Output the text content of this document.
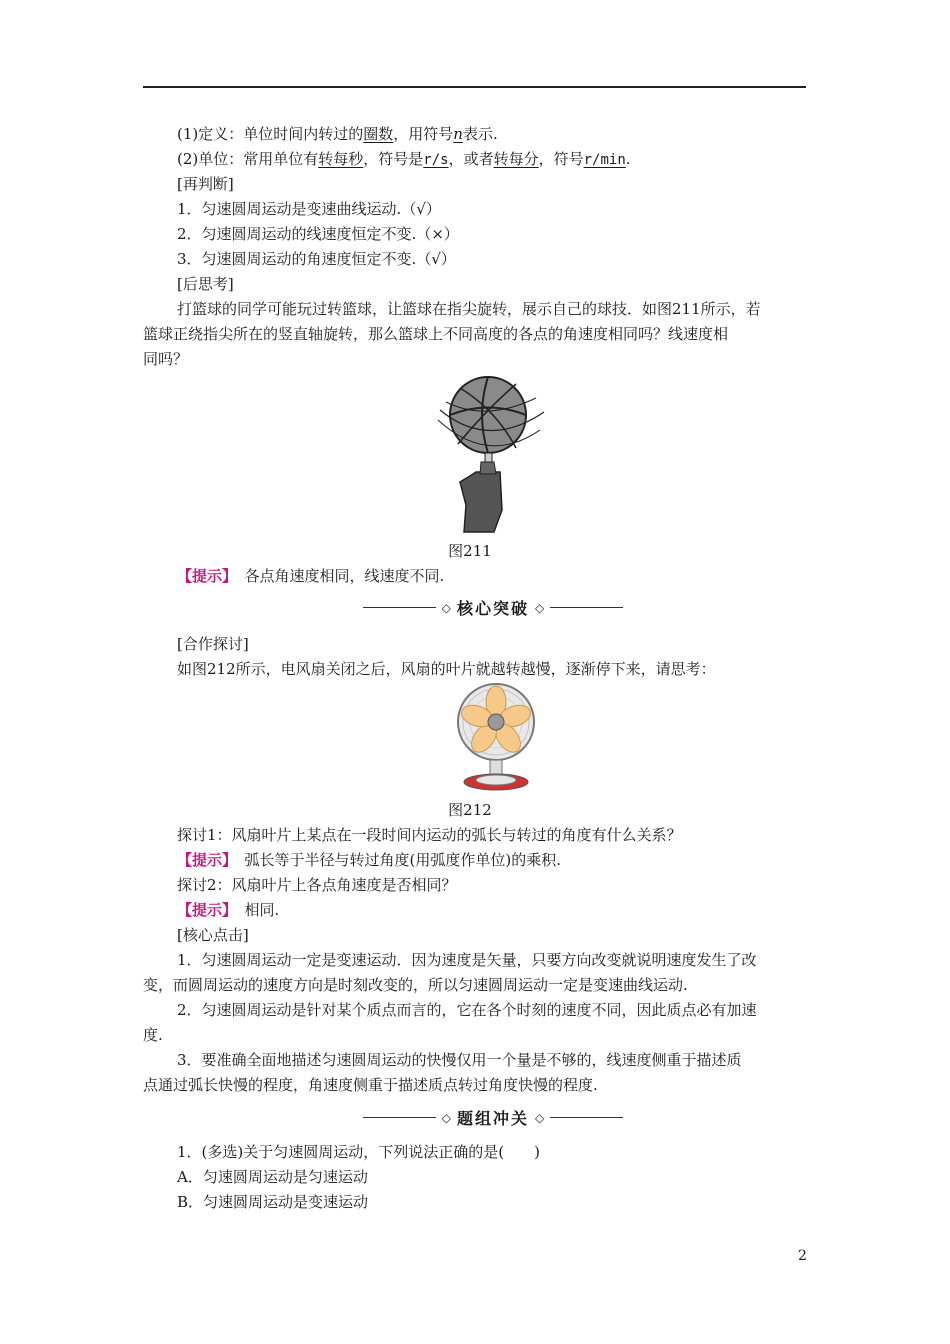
(1)定义：单位时间内转过的圈数，用符号n表示.
(2)单位：常用单位有转每秒，符号是r/s，或者转每分，符号r/min.
[再判断]
1．匀速圆周运动是变速曲线运动.（√）
2．匀速圆周运动的线速度恒定不变.（×）
3．匀速圆周运动的角速度恒定不变.（√）
[后思考]
打篮球的同学可能玩过转篮球，让篮球在指尖旋转，展示自己的球技．如图211所示，若
篮球正绕指尖所在的竖直轴旋转，那么篮球上不同高度的各点的角速度相同吗？线速度相
同吗？
图211
【提示】　 各点角速度相同，线速度不同.
◇ 核心突破 ◇
[合作探讨]
如图212所示，电风扇关闭之后，风扇的叶片就越转越慢，逐渐停下来，请思考：
图212
探讨1：风扇叶片上某点在一段时间内运动的弧长与转过的角度有什么关系？
【提示】　 弧长等于半径与转过角度(用弧度作单位)的乘积.
探讨2：风扇叶片上各点角速度是否相同？
【提示】　 相同.
[核心点击]
1．匀速圆周运动一定是变速运动．因为速度是矢量，只要方向改变就说明速度发生了改
变，而圆周运动的速度方向是时刻改变的，所以匀速圆周运动一定是变速曲线运动.
2．匀速圆周运动是针对某个质点而言的，它在各个时刻的速度不同，因此质点必有加速
度.
3．要准确全面地描述匀速圆周运动的快慢仅用一个量是不够的，线速度侧重于描述质
点通过弧长快慢的程度，角速度侧重于描述质点转过角度快慢的程度.
◇ 题组冲关 ◇
1．(多选)关于匀速圆周运动，下列说法正确的是(　　)
A．匀速圆周运动是匀速运动
B．匀速圆周运动是变速运动
2
